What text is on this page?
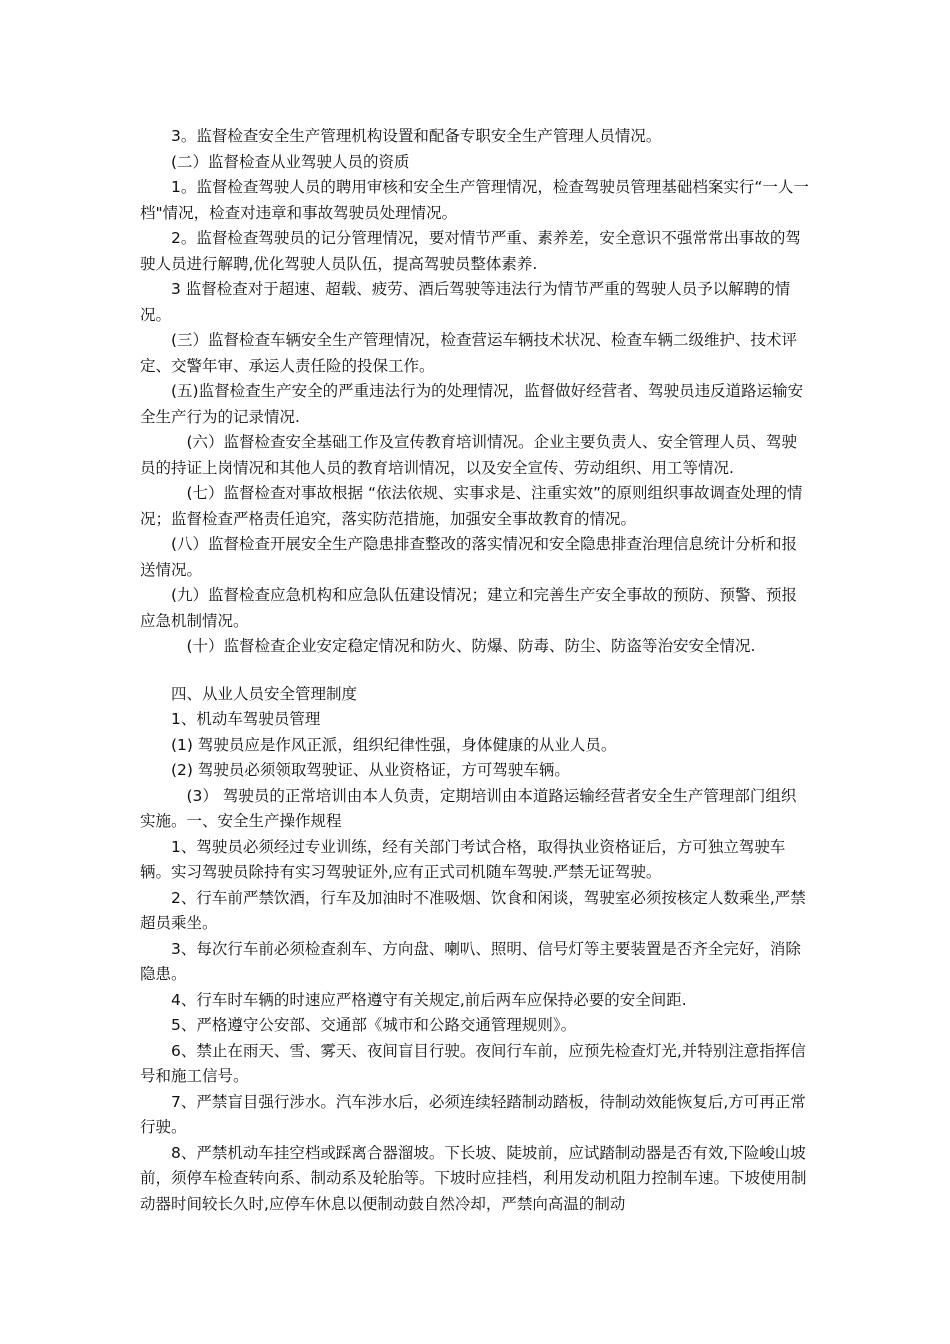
　　3。监督检查安全生产管理机构设置和配备专职安全生产管理人员情况。

　　(二）监督检查从业驾驶人员的资质

　　1。监督检查驾驶人员的聘用审核和安全生产管理情况，检查驾驶员管理基础档案实行“一人一档"情况，检查对违章和事故驾驶员处理情况。

　　2。监督检查驾驶员的记分管理情况，要对情节严重、素养差，安全意识不强常常出事故的驾驶人员进行解聘,优化驾驶人员队伍，提高驾驶员整体素养.

　　3 监督检查对于超速、超载、疲劳、酒后驾驶等违法行为情节严重的驾驶人员予以解聘的情况。

　　(三）监督检查车辆安全生产管理情况，检查营运车辆技术状况、检查车辆二级维护、技术评定、交警年审、承运人责任险的投保工作。

　　(五)监督检查生产安全的严重违法行为的处理情况，监督做好经营者、驾驶员违反道路运输安全生产行为的记录情况.

　　　(六）监督检查安全基础工作及宣传教育培训情况。企业主要负责人、安全管理人员、驾驶员的持证上岗情况和其他人员的教育培训情况，以及安全宣传、劳动组织、用工等情况.

　　　(七）监督检查对事故根据 “依法依规、实事求是、注重实效”的原则组织事故调查处理的情况；监督检查严格责任追究，落实防范措施，加强安全事故教育的情况。

　　(八）监督检查开展安全生产隐患排查整改的落实情况和安全隐患排查治理信息统计分析和报送情况。

　　(九）监督检查应急机构和应急队伍建设情况；建立和完善生产安全事故的预防、预警、预报应急机制情况。

　　　(十）监督检查企业安定稳定情况和防火、防爆、防毒、防尘、防盗等治安安全情况.

　　四、从业人员安全管理制度

　　1、机动车驾驶员管理

　　(1) 驾驶员应是作风正派，组织纪律性强，身体健康的从业人员。

　　(2) 驾驶员必须领取驾驶证、从业资格证，方可驾驶车辆。

　　　(3） 驾驶员的正常培训由本人负责，定期培训由本道路运输经营者安全生产管理部门组织实施。一、安全生产操作规程

　　1、驾驶员必须经过专业训练，经有关部门考试合格，取得执业资格证后，方可独立驾驶车辆。实习驾驶员除持有实习驾驶证外,应有正式司机随车驾驶.严禁无证驾驶。

　　2、行车前严禁饮酒，行车及加油时不准吸烟、饮食和闲谈，驾驶室必须按核定人数乘坐,严禁超员乘坐。

　　3、每次行车前必须检查刹车、方向盘、喇叭、照明、信号灯等主要装置是否齐全完好，消除隐患。

　　4、行车时车辆的时速应严格遵守有关规定,前后两车应保持必要的安全间距.

　　5、严格遵守公安部、交通部《城市和公路交通管理规则》。

　　6、禁止在雨天、雪、雾天、夜间盲目行驶。夜间行车前，应预先检查灯光,并特别注意指挥信号和施工信号。

　　7、严禁盲目强行涉水。汽车涉水后，必须连续轻踏制动踏板，待制动效能恢复后,方可再正常行驶。

　　8、严禁机动车挂空档或踩离合器溜坡。下长坡、陡坡前，应试踏制动器是否有效,下险峻山坡前，须停车检查转向系、制动系及轮胎等。下坡时应挂档，利用发动机阻力控制车速。下坡使用制动器时间较长久时,应停车休息以便制动鼓自然冷却，严禁向高温的制动
